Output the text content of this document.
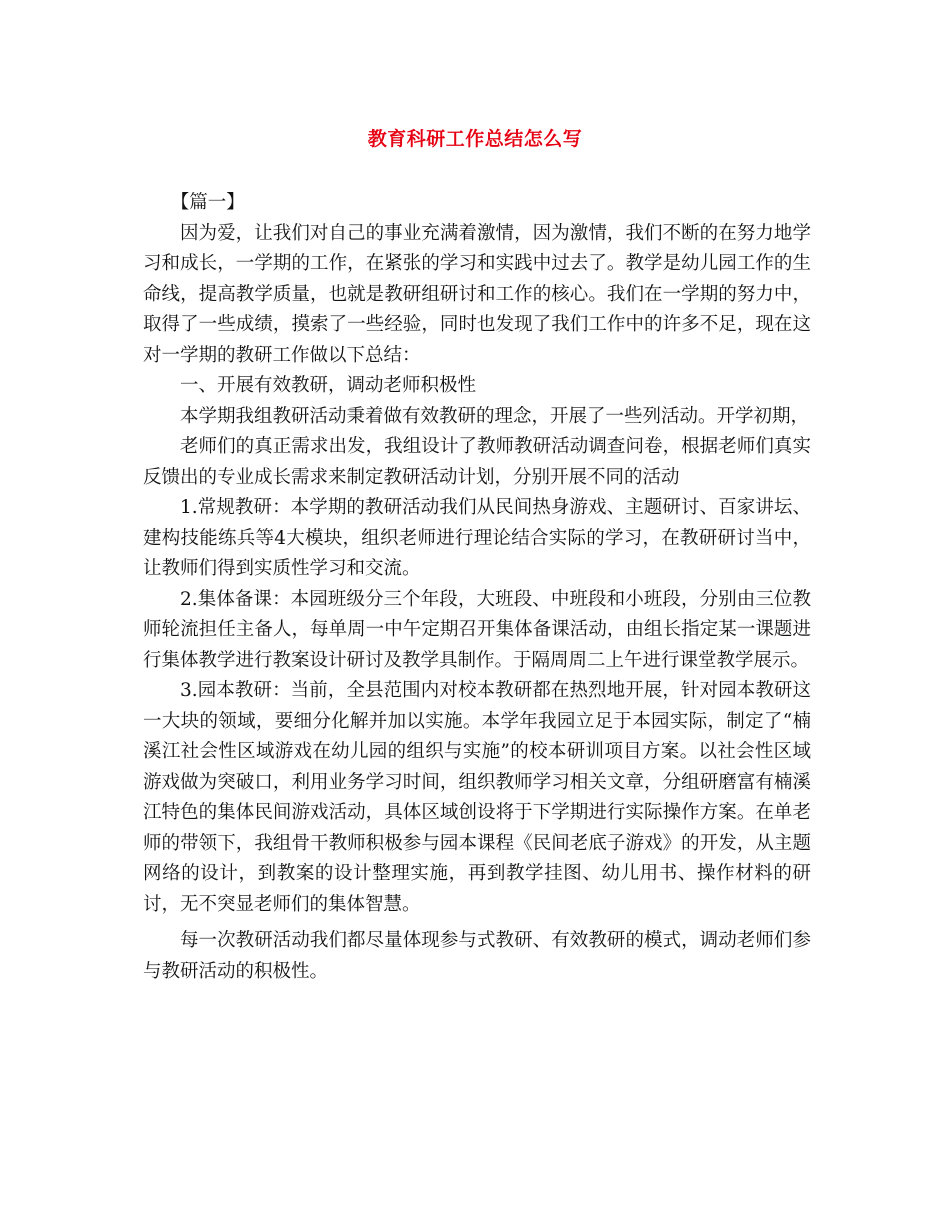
教育科研工作总结怎么写

【篇一】

因为爱，让我们对自己的事业充满着激情，因为激情，我们不断的在努力地学习和成长，一学期的工作，在紧张的学习和实践中过去了。教学是幼儿园工作的生命线，提高教学质量，也就是教研组研讨和工作的核心。我们在一学期的努力中，取得了一些成绩，摸索了一些经验，同时也发现了我们工作中的许多不足，现在这对一学期的教研工作做以下总结：

一、开展有效教研，调动老师积极性

本学期我组教研活动秉着做有效教研的理念，开展了一些列活动。开学初期，

老师们的真正需求出发，我组设计了教师教研活动调查问卷，根据老师们真实反馈出的专业成长需求来制定教研活动计划，分别开展不同的活动

1.常规教研：本学期的教研活动我们从民间热身游戏、主题研讨、百家讲坛、建构技能练兵等4大模块，组织老师进行理论结合实际的学习，在教研研讨当中，让教师们得到实质性学习和交流。

2.集体备课：本园班级分三个年段，大班段、中班段和小班段，分别由三位教师轮流担任主备人，每单周一中午定期召开集体备课活动，由组长指定某一课题进行集体教学进行教案设计研讨及教学具制作。于隔周周二上午进行课堂教学展示。

3.园本教研：当前，全县范围内对校本教研都在热烈地开展，针对园本教研这一大块的领域，要细分化解并加以实施。本学年我园立足于本园实际，制定了“楠溪江社会性区域游戏在幼儿园的组织与实施”的校本研训项目方案。以社会性区域游戏做为突破口，利用业务学习时间，组织教师学习相关文章，分组研磨富有楠溪江特色的集体民间游戏活动，具体区域创设将于下学期进行实际操作方案。在单老师的带领下，我组骨干教师积极参与园本课程《民间老底子游戏》的开发，从主题网络的设计，到教案的设计整理实施，再到教学挂图、幼儿用书、操作材料的研讨，无不突显老师们的集体智慧。

每一次教研活动我们都尽量体现参与式教研、有效教研的模式，调动老师们参与教研活动的积极性。
